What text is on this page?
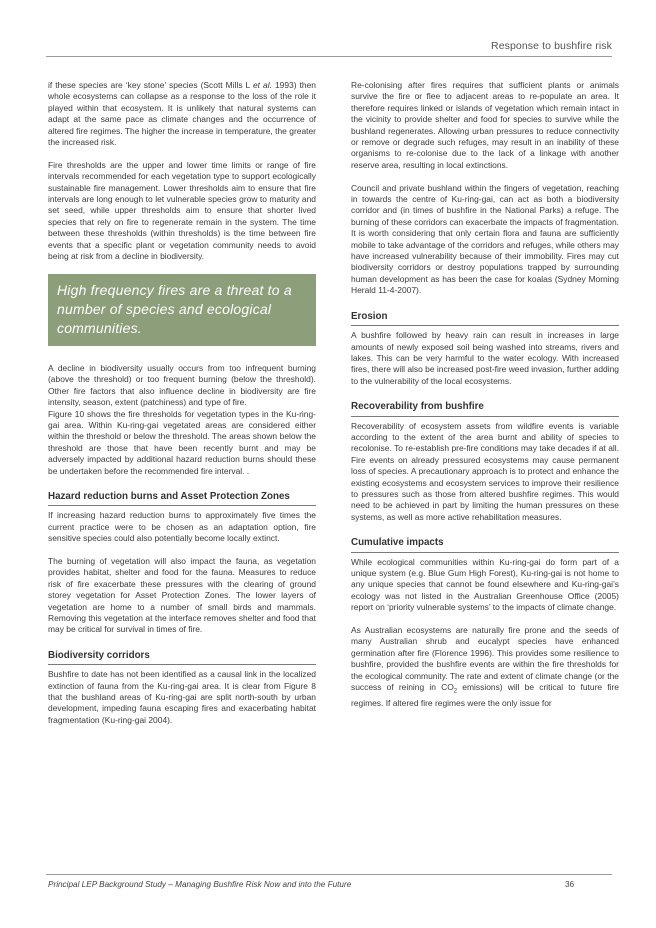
Response to bushfire risk

if these species are ‘key stone’ species (Scott Mills L et al. 1993) then whole ecosystems can collapse as a response to the loss of the role it played within that ecosystem. It is unlikely that natural systems can adapt at the same pace as climate changes and the occurrence of altered fire regimes. The higher the increase in temperature, the greater the increased risk.

Fire thresholds are the upper and lower time limits or range of fire intervals recommended for each vegetation type to support ecologically sustainable fire management. Lower thresholds aim to ensure that fire intervals are long enough to let vulnerable species grow to maturity and set seed, while upper thresholds aim to ensure that shorter lived species that rely on fire to regenerate remain in the system. The time between these thresholds (within thresholds) is the time between fire events that a specific plant or vegetation community needs to avoid being at risk from a decline in biodiversity.

High frequency fires are a threat to a number of species and ecological communities.

A decline in biodiversity usually occurs from too infrequent burning (above the threshold) or too frequent burning (below the threshold). Other fire factors that also influence decline in biodiversity are fire intensity, season, extent (patchiness) and type of fire.

Figure 10 shows the fire thresholds for vegetation types in the Ku-ring-gai area. Within Ku-ring-gai vegetated areas are considered either within the threshold or below the threshold. The areas shown below the threshold are those that have been recently burnt and may be adversely impacted by additional hazard reduction burns should these be undertaken before the recommended fire interval. .

Hazard reduction burns and Asset Protection Zones

If increasing hazard reduction burns to approximately five times the current practice were to be chosen as an adaptation option, fire sensitive species could also potentially become locally extinct.

The burning of vegetation will also impact the fauna, as vegetation provides habitat, shelter and food for the fauna. Measures to reduce risk of fire exacerbate these pressures with the clearing of ground storey vegetation for Asset Protection Zones. The lower layers of vegetation are home to a number of small birds and mammals. Removing this vegetation at the interface removes shelter and food that may be critical for survival in times of fire.

Biodiversity corridors

Bushfire to date has not been identified as a causal link in the localized extinction of fauna from the Ku-ring-gai area. It is clear from Figure 8 that the bushland areas of Ku-ring-gai are split north-south by urban development, impeding fauna escaping fires and exacerbating habitat fragmentation (Ku-ring-gai 2004).

Re-colonising after fires requires that sufficient plants or animals survive the fire or flee to adjacent areas to re-populate an area. It therefore requires linked or islands of vegetation which remain intact in the vicinity to provide shelter and food for species to survive while the bushland regenerates. Allowing urban pressures to reduce connectivity or remove or degrade such refuges, may result in an inability of these organisms to re-colonise due to the lack of a linkage with another reserve area, resulting in local extinctions.

Council and private bushland within the fingers of vegetation, reaching in towards the centre of Ku-ring-gai, can act as both a biodiversity corridor and (in times of bushfire in the National Parks) a refuge. The burning of these corridors can exacerbate the impacts of fragmentation. It is worth considering that only certain flora and fauna are sufficiently mobile to take advantage of the corridors and refuges, while others may have increased vulnerability because of their immobility. Fires may cut biodiversity corridors or destroy populations trapped by surrounding human development as has been the case for koalas (Sydney Morning Herald 11-4-2007).

Erosion

A bushfire followed by heavy rain can result in increases in large amounts of newly exposed soil being washed into streams, rivers and lakes. This can be very harmful to the water ecology. With increased fires, there will also be increased post-fire weed invasion, further adding to the vulnerability of the local ecosystems.

Recoverability from bushfire

Recoverability of ecosystem assets from wildfire events is variable according to the extent of the area burnt and ability of species to recolonise. To re-establish pre-fire conditions may take decades if at all. Fire events on already pressured ecosystems may cause permanent loss of species. A precautionary approach is to protect and enhance the existing ecosystems and ecosystem services to improve their resilience to pressures such as those from altered bushfire regimes. This would need to be achieved in part by limiting the human pressures on these systems, as well as more active rehabilitation measures.

Cumulative impacts

While ecological communities within Ku-ring-gai do form part of a unique system (e.g. Blue Gum High Forest), Ku-ring-gai is not home to any unique species that cannot be found elsewhere and Ku-ring-gai’s ecology was not listed in the Australian Greenhouse Office (2005) report on ‘priority vulnerable systems’ to the impacts of climate change.

As Australian ecosystems are naturally fire prone and the seeds of many Australian shrub and eucalypt species have enhanced germination after fire (Florence 1996). This provides some resilience to bushfire, provided the bushfire events are within the fire thresholds for the ecological community. The rate and extent of climate change (or the success of reining in $CO_2$ emissions) will be critical to future fire regimes. If altered fire regimes were the only issue for

Principal LEP Background Study – Managing Bushfire Risk Now and into the Future	36
